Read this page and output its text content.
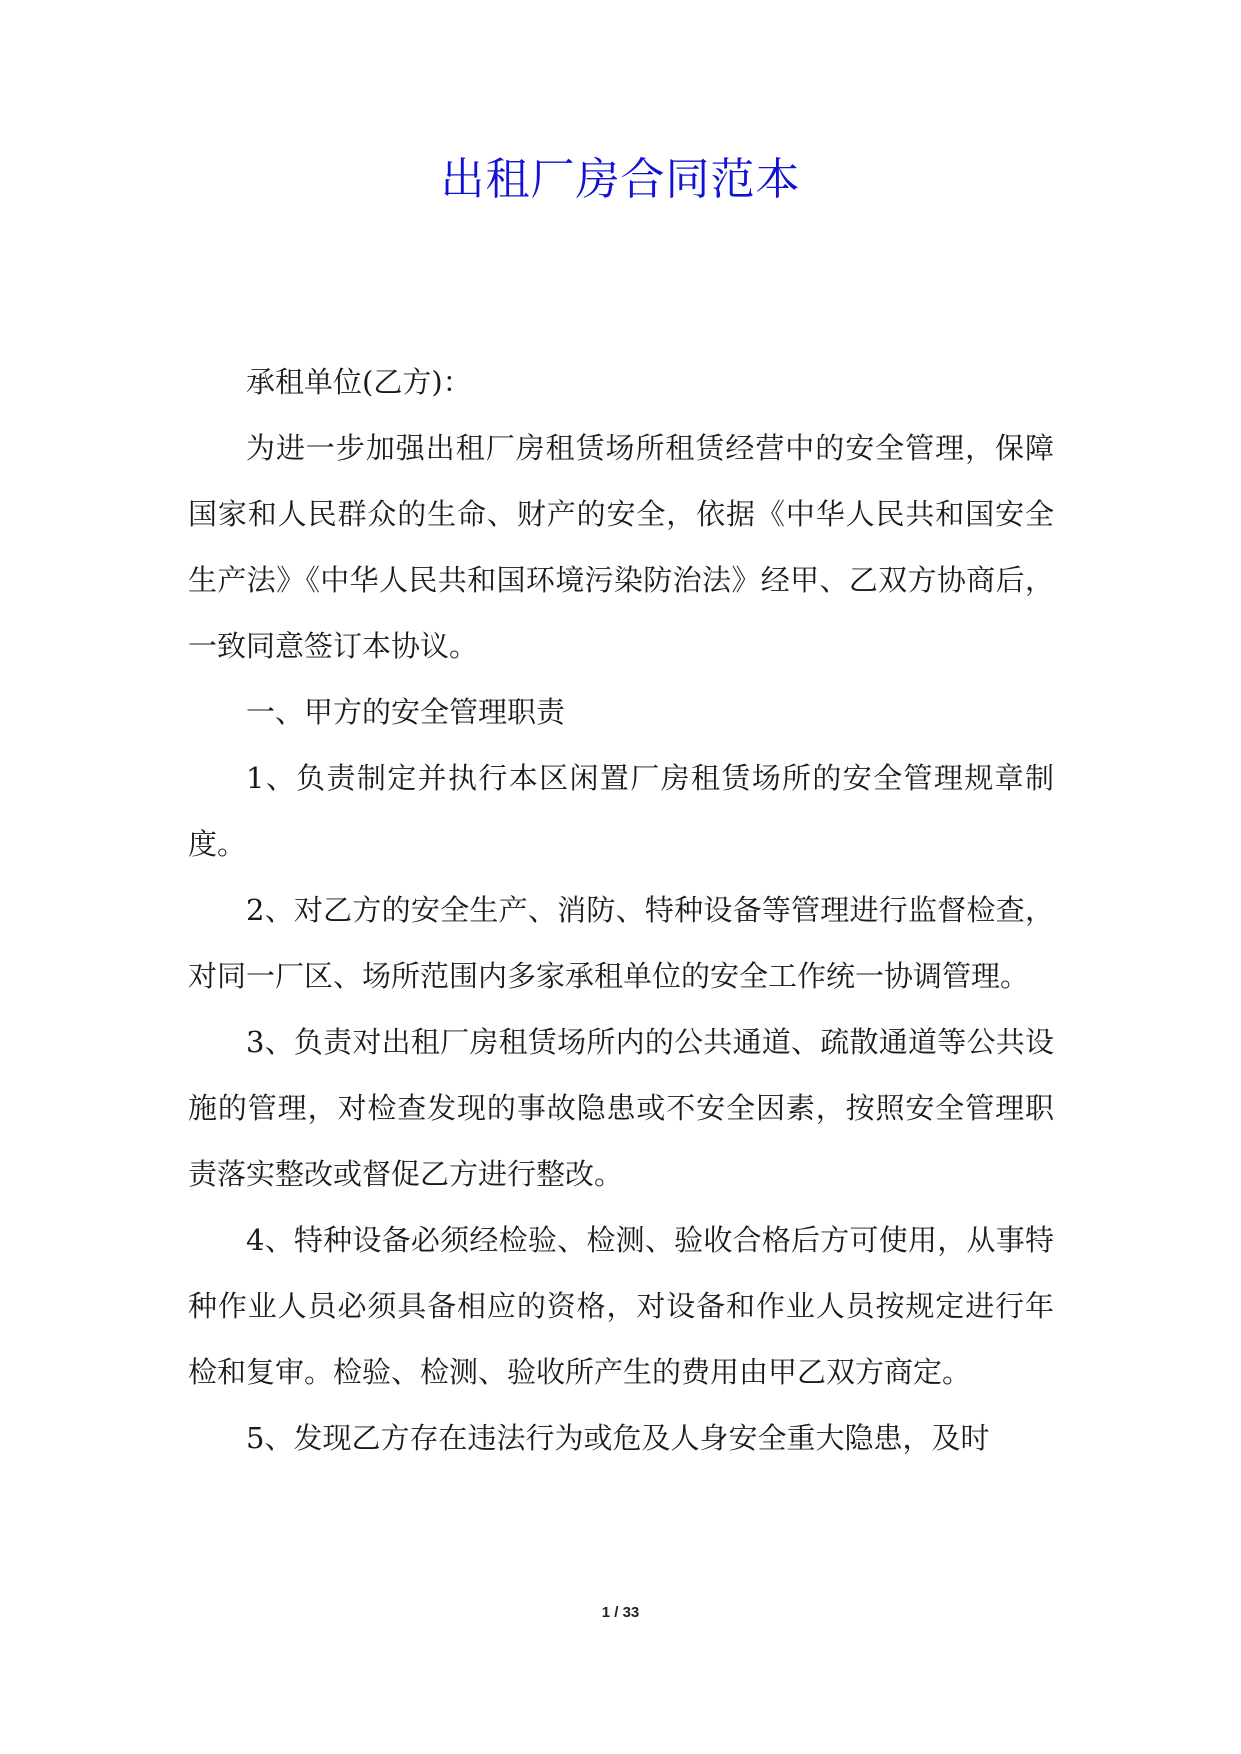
出租厂房合同范本

承租单位(乙方)：

为进一步加强出租厂房租赁场所租赁经营中的安全管理，保障国家和人民群众的生命、财产的安全，依据《中华人民共和国安全生产法》《中华人民共和国环境污染防治法》经甲、乙双方协商后，一致同意签订本协议。

一、甲方的安全管理职责

1、负责制定并执行本区闲置厂房租赁场所的安全管理规章制度。

2、对乙方的安全生产、消防、特种设备等管理进行监督检查，对同一厂区、场所范围内多家承租单位的安全工作统一协调管理。

3、负责对出租厂房租赁场所内的公共通道、疏散通道等公共设施的管理，对检查发现的事故隐患或不安全因素，按照安全管理职责落实整改或督促乙方进行整改。

4、特种设备必须经检验、检测、验收合格后方可使用，从事特种作业人员必须具备相应的资格，对设备和作业人员按规定进行年检和复审。检验、检测、验收所产生的费用由甲乙双方商定。

5、发现乙方存在违法行为或危及人身安全重大隐患，及时

1 / 33
